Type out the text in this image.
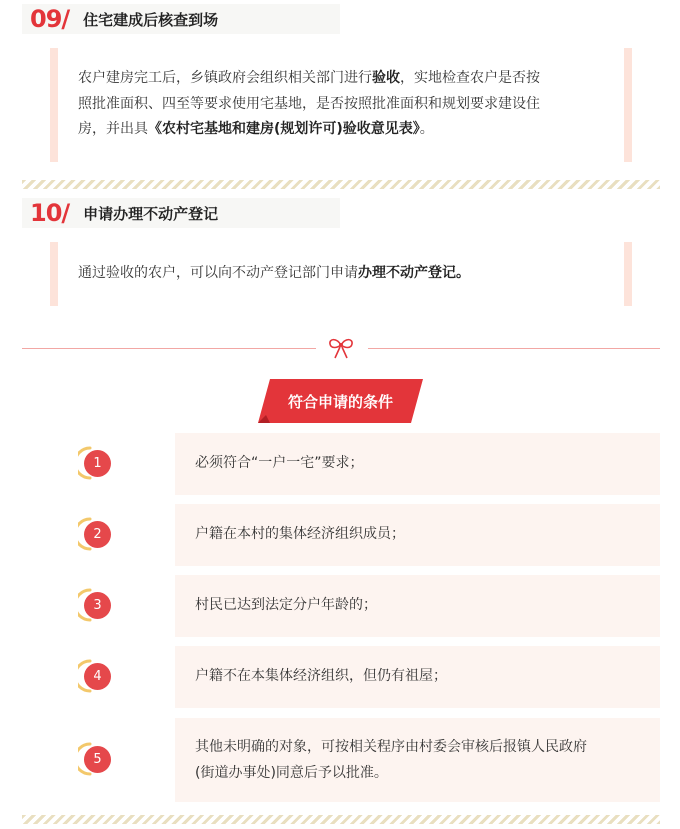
09/ 住宅建成后核查到场
农户建房完工后，乡镇政府会组织相关部门进行验收，实地检查农户是否按
照批准面积、四至等要求使用宅基地，是否按照批准面积和规划要求建设住
房，并出具《农村宅基地和建房(规划许可)验收意见表》。
10/ 申请办理不动产登记
通过验收的农户，可以向不动产登记部门申请办理不动产登记。
符合申请的条件
1	必须符合“一户一宅”要求；
2	户籍在本村的集体经济组织成员；
3	村民已达到法定分户年龄的；
4	户籍不在本集体经济组织，但仍有祖屋；
5
其他未明确的对象，可按相关程序由村委会审核后报镇人民政府
(街道办事处)同意后予以批准。
